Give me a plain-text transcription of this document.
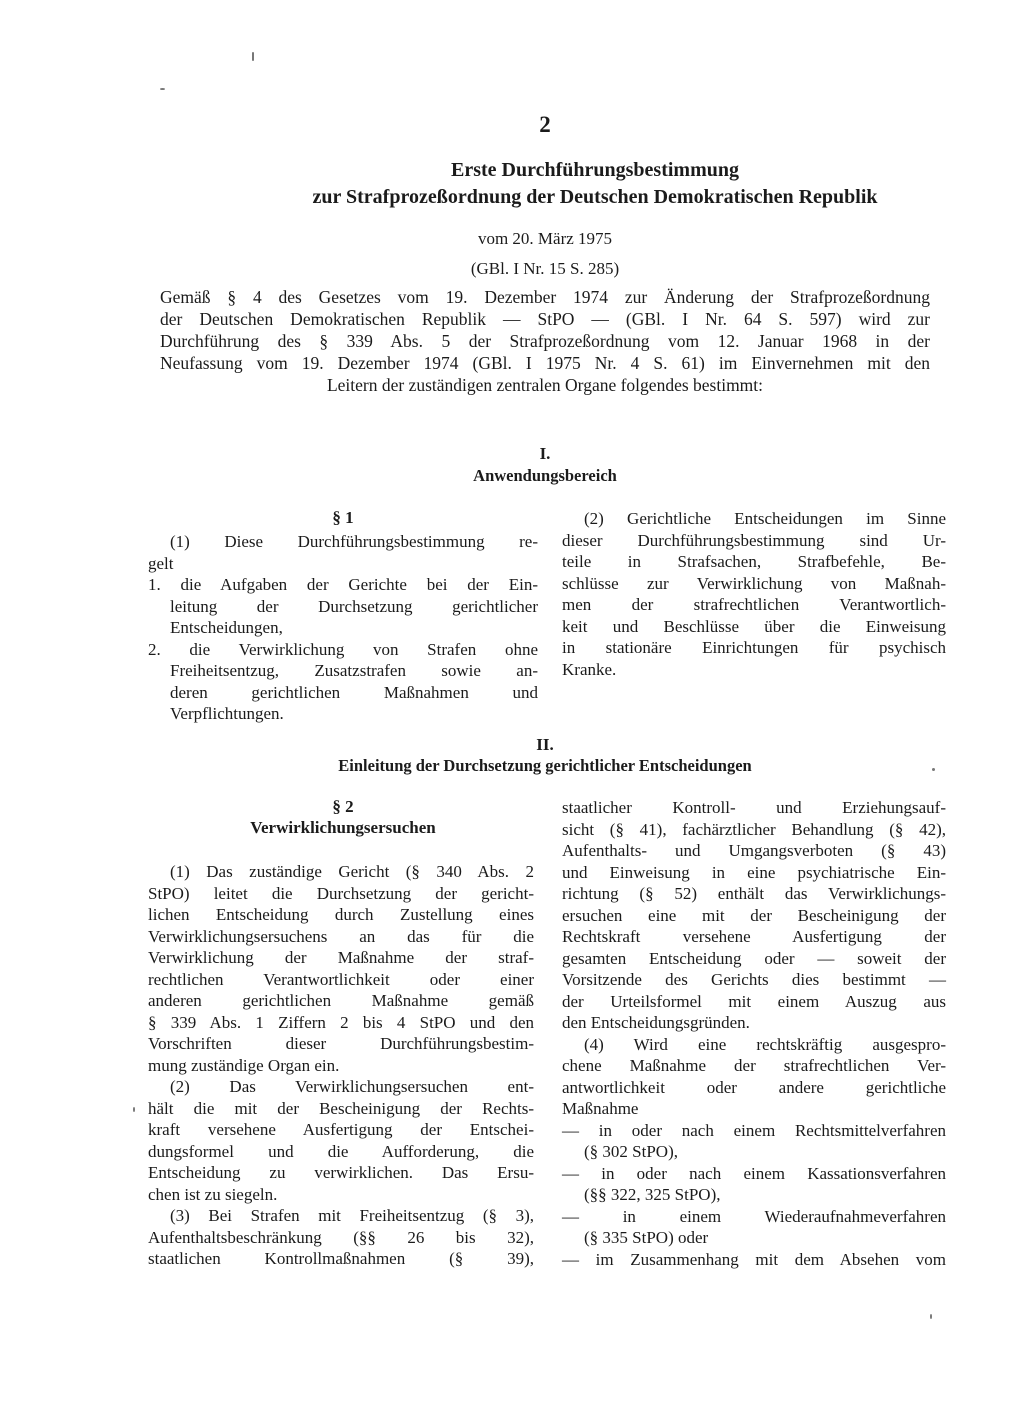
2
Erste Durchführungsbestimmung
zur Strafprozeßordnung der Deutschen Demokratischen Republik
vom 20. März 1975
(GBl. I Nr. 15 S. 285)
Gemäß § 4 des Gesetzes vom 19. Dezember 1974 zur Änderung der Strafprozeßordnung
der Deutschen Demokratischen Republik — StPO — (GBl. I Nr. 64 S. 597) wird zur
Durchführung des § 339 Abs. 5 der Strafprozeßordnung vom 12. Januar 1968 in der
Neufassung vom 19. Dezember 1974 (GBl. I 1975 Nr. 4 S. 61) im Einvernehmen mit den
Leitern der zuständigen zentralen Organe folgendes bestimmt:
I.
Anwendungsbereich
§ 1
(1) Diese Durchführungsbestimmung re-
gelt
1. die Aufgaben der Gerichte bei der Ein-
leitung der Durchsetzung gerichtlicher
Entscheidungen,
2. die Verwirklichung von Strafen ohne
Freiheitsentzug, Zusatzstrafen sowie an-
deren gerichtlichen Maßnahmen und
Verpflichtungen.
(2) Gerichtliche Entscheidungen im Sinne
dieser Durchführungsbestimmung sind Ur-
teile in Strafsachen, Strafbefehle, Be-
schlüsse zur Verwirklichung von Maßnah-
men der strafrechtlichen Verantwortlich-
keit und Beschlüsse über die Einweisung
in stationäre Einrichtungen für psychisch
Kranke.
II.
Einleitung der Durchsetzung gerichtlicher Entscheidungen
§ 2
Verwirklichungsersuchen
(1) Das zuständige Gericht (§ 340 Abs. 2
StPO) leitet die Durchsetzung der gericht-
lichen Entscheidung durch Zustellung eines
Verwirklichungsersuchens an das für die
Verwirklichung der Maßnahme der straf-
rechtlichen Verantwortlichkeit oder einer
anderen gerichtlichen Maßnahme gemäß
§ 339 Abs. 1 Ziffern 2 bis 4 StPO und den
Vorschriften dieser Durchführungsbestim-
mung zuständige Organ ein.
(2) Das Verwirklichungsersuchen ent-
hält die mit der Bescheinigung der Rechts-
kraft versehene Ausfertigung der Entschei-
dungsformel und die Aufforderung, die
Entscheidung zu verwirklichen. Das Ersu-
chen ist zu siegeln.
(3) Bei Strafen mit Freiheitsentzug (§ 3),
Aufenthaltsbeschränkung (§§ 26 bis 32),
staatlichen Kontrollmaßnahmen (§ 39),
staatlicher Kontroll- und Erziehungsauf-
sicht (§ 41), fachärztlicher Behandlung (§ 42),
Aufenthalts- und Umgangsverboten (§ 43)
und Einweisung in eine psychiatrische Ein-
richtung (§ 52) enthält das Verwirklichungs-
ersuchen eine mit der Bescheinigung der
Rechtskraft versehene Ausfertigung der
gesamten Entscheidung oder — soweit der
Vorsitzende des Gerichts dies bestimmt —
der Urteilsformel mit einem Auszug aus
den Entscheidungsgründen.
(4) Wird eine rechtskräftig ausgespro-
chene Maßnahme der strafrechtlichen Ver-
antwortlichkeit oder andere gerichtliche
Maßnahme
— in oder nach einem Rechtsmittelverfahren
(§ 302 StPO),
— in oder nach einem Kassationsverfahren
(§§ 322, 325 StPO),
— in einem Wiederaufnahmeverfahren
(§ 335 StPO) oder
— im Zusammenhang mit dem Absehen vom
